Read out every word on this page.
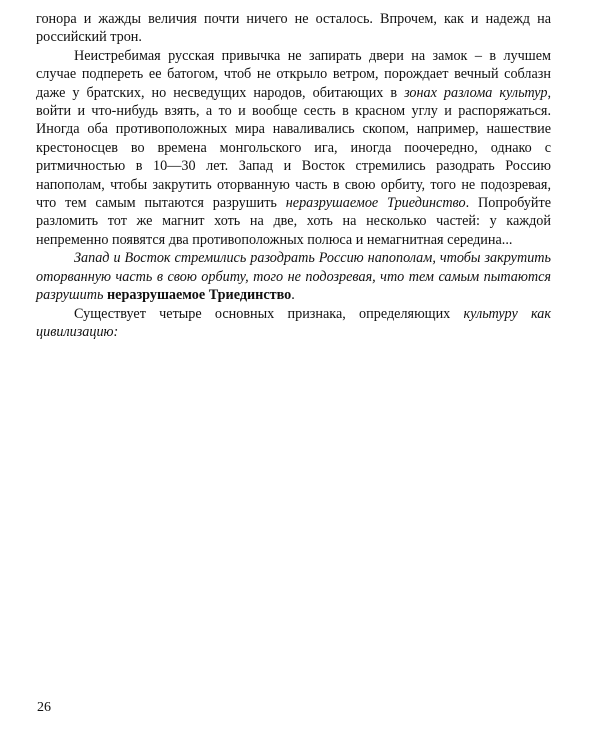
гонора и жажды величия почти ничего не осталось. Впрочем, как и надежд на российский трон.

Неистребимая русская привычка не запирать двери на замок – в лучшем случае подпереть ее батогом, чтоб не открыло ветром, порождает вечный соблазн даже у братских, но несведущих народов, обитающих в зонах разлома культур, войти и что-нибудь взять, а то и вообще сесть в красном углу и распоряжаться. Иногда оба противоположных мира наваливались скопом, например, нашествие крестоносцев во времена монгольского ига, иногда поочередно, однако с ритмичностью в 10—30 лет. Запад и Восток стремились разодрать Россию напополам, чтобы закрутить оторванную часть в свою орбиту, того не подозревая, что тем самым пытаются разрушить неразрушаемое Триединство. Попробуйте разломить тот же магнит хоть на две, хоть на несколько частей: у каждой непременно появятся два противоположных полюса и немагнитная середина...

Запад и Восток стремились разодрать Россию напополам, чтобы закрутить оторванную часть в свою орбиту, того не подозревая, что тем самым пытаются разрушить неразрушаемое Триединство.

Существует четыре основных признака, определяющих культуру как цивилизацию:

26
